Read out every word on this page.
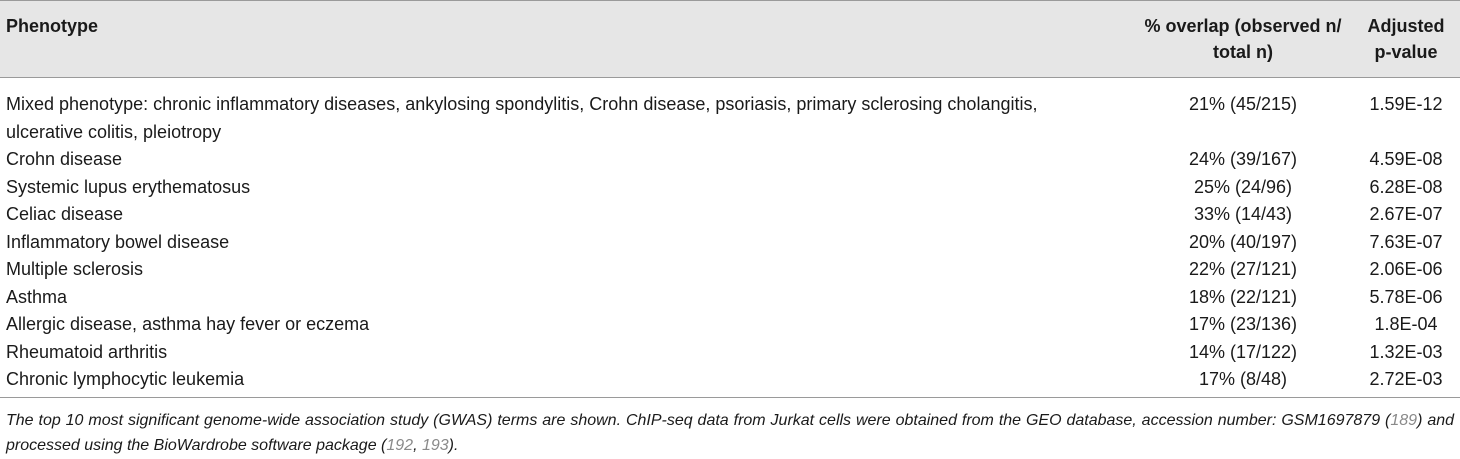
Phenotype	% overlap (observed n/ total n)	Adjusted p-value
Mixed phenotype: chronic inflammatory diseases, ankylosing spondylitis, Crohn disease, psoriasis, primary sclerosing cholangitis, ulcerative colitis, pleiotropy	21% (45/215)	1.59E-12
Crohn disease	24% (39/167)	4.59E-08
Systemic lupus erythematosus	25% (24/96)	6.28E-08
Celiac disease	33% (14/43)	2.67E-07
Inflammatory bowel disease	20% (40/197)	7.63E-07
Multiple sclerosis	22% (27/121)	2.06E-06
Asthma	18% (22/121)	5.78E-06
Allergic disease, asthma hay fever or eczema	17% (23/136)	1.8E-04
Rheumatoid arthritis	14% (17/122)	1.32E-03
Chronic lymphocytic leukemia	17% (8/48)	2.72E-03
The top 10 most significant genome-wide association study (GWAS) terms are shown. ChIP-seq data from Jurkat cells were obtained from the GEO database, accession number: GSM1697879 (189) and processed using the BioWardrobe software package (192, 193).
